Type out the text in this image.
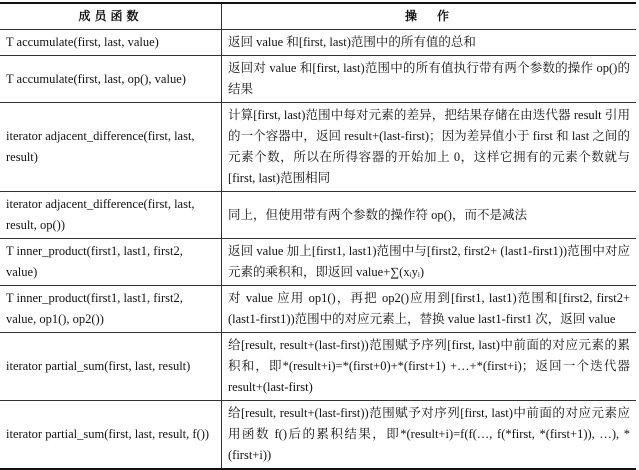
成员函数	操　作
T accumulate(first, last, value)	返回 value 和[first, last)范围中的所有值的总和
T accumulate(first, last, op(), value)	返回对 value 和[first, last)范围中的所有值执行带有两个参数的操作 op()的结果
iterator adjacent_difference(first, last, result)	计算[first, last)范围中每对元素的差异，把结果存储在由迭代器 result 引用的一个容器中，返回 result+(last-first)；因为差异值小于 first 和 last 之间的元素个数，所以在所得容器的开始加上 0，这样它拥有的元素个数就与[first, last)范围相同
iterator adjacent_difference(first, last, result, op())	同上，但使用带有两个参数的操作符 op()，而不是减法
T inner_product(first1, last1, first2, value)	返回 value 加上[first1, last1)范围中与[first2, first2+ (last1-first1))范围中对应元素的乘积和，即返回 value+∑(xᵢyᵢ)
T inner_product(first1, last1, first2, value, op1(), op2())	对 value 应用 op1()，再把 op2()应用到[first1, last1)范围和[first2, first2+(last1-first1))范围中的对应元素上，替换 value last1-first1 次，返回 value
iterator partial_sum(first, last, result)	给[result, result+(last-first))范围赋予序列[first, last)中前面的对应元素的累积和，即*(result+i)=*(first+0)+*(first+1) +…+*(first+i)；返回一个迭代器 result+(last-first)
iterator partial_sum(first, last, result, f())	给[result, result+(last-first))范围赋予对序列[first, last)中前面的对应元素应用函数 f()后的累积结果，即*(result+i)=f(f(…, f(*first, *(first+1)), …), *(first+i))
